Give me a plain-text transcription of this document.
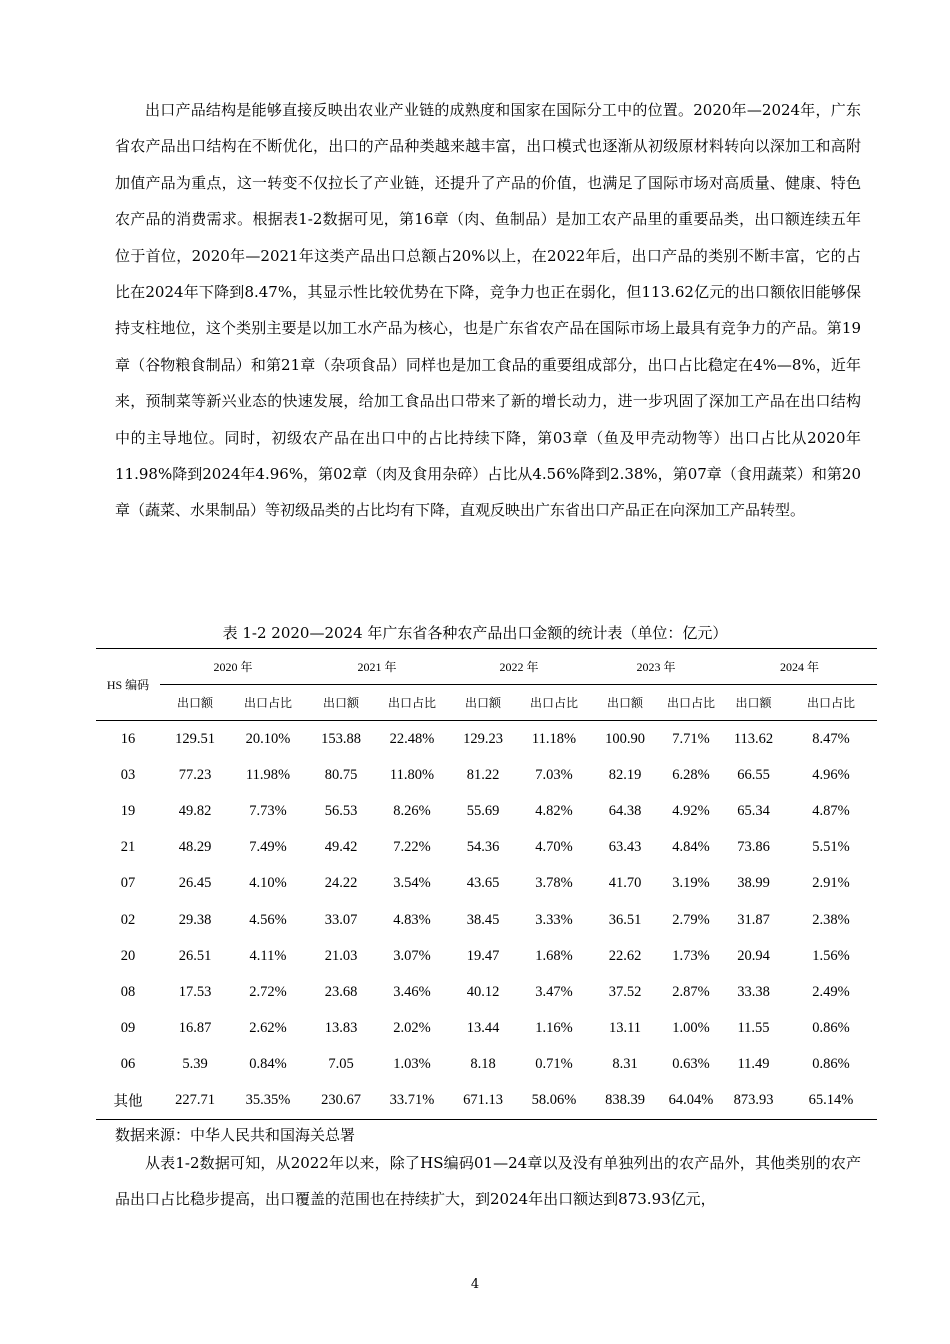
出口产品结构是能够直接反映出农业产业链的成熟度和国家在国际分工中的位置。2020年—2024年，广东省农产品出口结构在不断优化，出口的产品种类越来越丰富，出口模式也逐渐从初级原材料转向以深加工和高附加值产品为重点，这一转变不仅拉长了产业链，还提升了产品的价值，也满足了国际市场对高质量、健康、特色农产品的消费需求。根据表1-2数据可见，第16章（肉、鱼制品）是加工农产品里的重要品类，出口额连续五年位于首位，2020年—2021年这类产品出口总额占20%以上，在2022年后，出口产品的类别不断丰富，它的占比在2024年下降到8.47%，其显示性比较优势在下降，竞争力也正在弱化，但113.62亿元的出口额依旧能够保持支柱地位，这个类别主要是以加工水产品为核心，也是广东省农产品在国际市场上最具有竞争力的产品。第19章（谷物粮食制品）和第21章（杂项食品）同样也是加工食品的重要组成部分，出口占比稳定在4%—8%，近年来，预制菜等新兴业态的快速发展，给加工食品出口带来了新的增长动力，进一步巩固了深加工产品在出口结构中的主导地位。同时，初级农产品在出口中的占比持续下降，第03章（鱼及甲壳动物等）出口占比从2020年11.98%降到2024年4.96%，第02章（肉及食用杂碎）占比从4.56%降到2.38%，第07章（食用蔬菜）和第20章（蔬菜、水果制品）等初级品类的占比均有下降，直观反映出广东省出口产品正在向深加工产品转型。

表 1-2 2020—2024 年广东省各种农产品出口金额的统计表（单位：亿元）

HS 编码	2020 年		2021 年		2022 年		2023 年		2024 年	
	出口额	出口占比	出口额	出口占比	出口额	出口占比	出口额	出口占比	出口额	出口占比
16	129.51	20.10%	153.88	22.48%	129.23	11.18%	100.90	7.71%	113.62	8.47%
03	77.23	11.98%	80.75	11.80%	81.22	7.03%	82.19	6.28%	66.55	4.96%
19	49.82	7.73%	56.53	8.26%	55.69	4.82%	64.38	4.92%	65.34	4.87%
21	48.29	7.49%	49.42	7.22%	54.36	4.70%	63.43	4.84%	73.86	5.51%
07	26.45	4.10%	24.22	3.54%	43.65	3.78%	41.70	3.19%	38.99	2.91%
02	29.38	4.56%	33.07	4.83%	38.45	3.33%	36.51	2.79%	31.87	2.38%
20	26.51	4.11%	21.03	3.07%	19.47	1.68%	22.62	1.73%	20.94	1.56%
08	17.53	2.72%	23.68	3.46%	40.12	3.47%	37.52	2.87%	33.38	2.49%
09	16.87	2.62%	13.83	2.02%	13.44	1.16%	13.11	1.00%	11.55	0.86%
06	5.39	0.84%	7.05	1.03%	8.18	0.71%	8.31	0.63%	11.49	0.86%
其他	227.71	35.35%	230.67	33.71%	671.13	58.06%	838.39	64.04%	873.93	65.14%

数据来源：中华人民共和国海关总署

从表1-2数据可知，从2022年以来，除了HS编码01—24章以及没有单独列出的农产品外，其他类别的农产品出口占比稳步提高，出口覆盖的范围也在持续扩大，到2024年出口额达到873.93亿元，

4
